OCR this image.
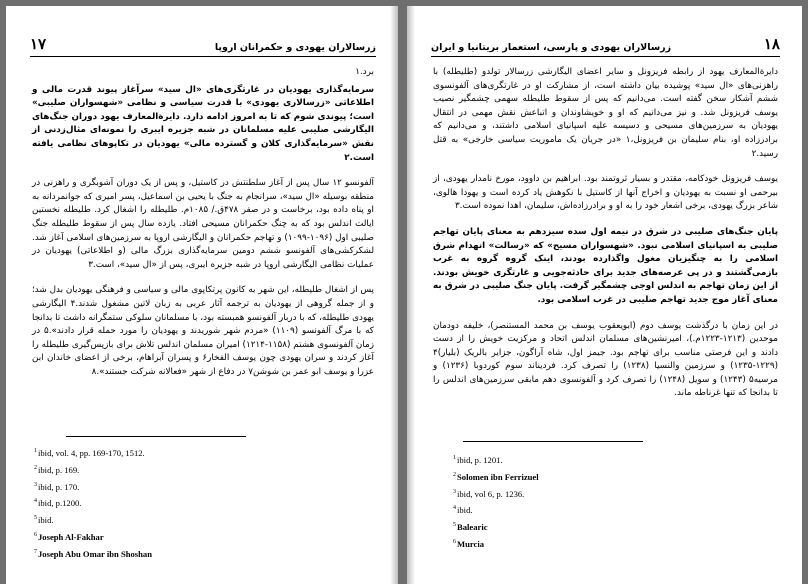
۱۷	زرسالاران یهودی و حکمرانان اروپا

برد.۱

سرمایه‌گذاری یهودیان در غارتگری‌های «ال سید» سرآغاز پیوند قدرت مالی و اطلاعاتی «زرسالاری یهودی» با قدرت سیاسی و نظامی «شهسواران صلیبی» است؛ پیوندی شوم که تا به امروز ادامه دارد. دایرةالمعارف یهود دوران جنگ‌های الیگارشی صلیبی علیه مسلمانان در شبه جزیره ایبری را نمونه‌ای مثال‌زدنی از نقش «سرمایه‌گذاری کلان و گسترده مالی» یهودیان در تکاپوهای نظامی یافته است.۲

آلفونسو ۱۲ سال پس از آغاز سلطنتش در کاستیل، و پس از یک دوران آشوبگری و راهزنی در منطقه بوسیله «ال سید»، سرانجام به جنگ با یحیی بن اسماعیل، پسر امیری که جوانمردانه به او پناه داده بود، برخاست و در صفر ۴۷۸ق./ ۱۰۸۵م. طلیطله را اشغال کرد. طلیطله نخستین ایالت اندلس بود که به چنگ حکمرانان مسیحی افتاد. یازده سال پس از سقوط طلیطله جنگ صلیبی اول (۱۰۹۶-۱۰۹۹) و تهاجم حکمرانان و الیگارشی اروپا به سرزمین‌های اسلامی آغاز شد. لشکرکشی‌های آلفونسو ششم دومین سرمایه‌گذاری بزرگ مالی (و اطلاعاتی) یهودیان در عملیات نظامی الیگارشی اروپا در شبه جزیره ایبری، پس از «ال سید»، است.۳

پس از اشغال طلیطله، این شهر به کانون پرتکاپوی مالی و سیاسی و فرهنگی یهودیان بدل شد؛ و از جمله گروهی از یهودیان به ترجمه آثار عربی به زبان لاتین مشغول شدند.۴ الیگارشی یهودی طلیطله، که با دربار آلفونسو همبسته بود، با مسلمانان سلوکی ستمگرانه داشت تا بدانجا که با مرگ آلفونسو (۱۱۰۹) «مردم شهر شوریدند و یهودیان را مورد حمله قرار دادند».۵ در زمان آلفونسوی هشتم (۱۱۵۸-۱۲۱۴) امیران مسلمان اندلس تلاش برای بازپس‌گیری طلیطله را آغاز کردند و سران یهودی چون یوسف الفخار۶ و پسران آبراهام، برخی از اعضای خاندان ابن عزرا و یوسف ابو عمر بن شوشن۷ در دفاع از شهر «فعالانه شرکت جستند».۸

$^1$ibid, vol. 4, pp. 169-170, 1512.
$^2$ibid, p. 169.
$^3$ibid, p. 170.
$^4$ibid, p.1200.
$^5$ibid.
$^6$Joseph Al-Fakhar
$^7$Joseph Abu Omar ibn Shoshan
۱۸
زرسالاران یهودی و پارسی، استعمار بریتانیا و ایران

دایرةالمعارف یهود از رابطه فریزونل و سایر اعضای الیگارشی زرسالار تولدو (طلیطله) با راهزنی‌های «ال سید» پوشیده بیان داشته است، از مشارکت او در غارتگری‌های آلفونسوی ششم آشکار سخن گفته است. می‌دانیم که پس از سقوط طلیطله سهمی چشمگیر نصیب یوسف فریزونل شد. و نیز می‌دانیم که او و خویشاوندان و اتباعش نقش مهمی در انتقال یهودیان به سرزمین‌های مسیحی و دسیسه علیه اسپانیای اسلامی داشتند، و می‌دانیم که برادرزاده او، بنام سلیمان بن فریزونل،۱ «در جریان یک ماموریت سیاسی خارجی» به قتل رسید.۲

یوسف فریزونل خودکامه، مقتدر و بسیار ثروتمند بود. ابراهیم بن داوود، مورخ نامدار یهودی، از بیرحمی او نسبت به یهودیان و اخراج آنها از کاستیل با نکوهش یاد کرده است و یهودا هالوی، شاعر بزرگ یهودی، برخی اشعار خود را به او و برادرزاده‌اش، سلیمان، اهدا نموده است.۳

پایان جنگ‌های صلیبی در شرق در نیمه اول سده سیزدهم به معنای پایان تهاجم صلیبی به اسپانیای اسلامی نبود. «شهسواران مسیح» که «رسالت» انهدام شرق اسلامی را به چنگیزیان مغول واگذارده بودند، اینک گروه گروه به غرب بازمی‌گشتند و در پی عرصه‌های جدید برای حادثه‌جویی و غارتگری خویش بودند. از این زمان تهاجم به اندلس اوجی چشمگیر گرفت. پایان جنگ صلیبی در شرق به معنای آغاز موج جدید تهاجم صلیبی در غرب اسلامی بود.

در این زمان با درگذشت یوسف دوم (ابویعقوب یوسف بن محمد المستنصر)، خلیفه دودمان موحدین (۱۲۱۳-۱۲۲۳م.)، امیرنشین‌های مسلمان اندلس اتحاد و مرکزیت خویش را از دست دادند و این فرصتی مناسب برای تهاجم بود. جیمز اول، شاه آراگون، جزایر بالریک (بلیار)۴ (۱۲۲۹-۱۲۳۵) و سرزمین والنسیا (۱۲۳۸) را تصرف کرد. فردیناند سوم کوردوبا (۱۲۳۶) و مرسیه۵ (۱۲۴۳) و سویل (۱۲۴۸) را تصرف کرد و آلفونسوی دهم مابقی سرزمین‌های اندلس را تا بدانجا که تنها غرناطه ماند.

$^1$ibid, p. 1201.
$^2$Solomen ibn Ferrizuel
$^3$ibid, vol 6, p. 1236.
$^4$ibid.
$^5$Balearic
$^6$Murcia
